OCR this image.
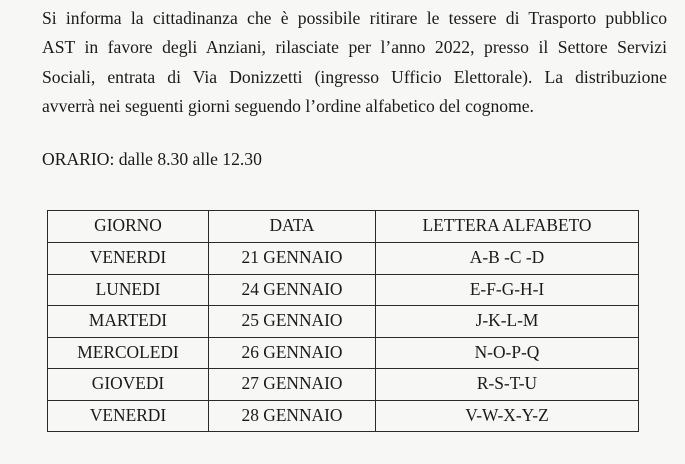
Si informa la cittadinanza che è possibile ritirare le tessere di Trasporto pubblico
AST in favore degli Anziani, rilasciate per l’anno 2022, presso il Settore Servizi
Sociali, entrata di Via Donizzetti (ingresso Ufficio Elettorale). La distribuzione
avverrà nei seguenti giorni seguendo l’ordine alfabetico del cognome.

ORARIO: dalle 8.30 alle 12.30

GIORNO	DATA	LETTERA ALFABETO
VENERDI	21 GENNAIO	A-B -C -D
LUNEDI	24 GENNAIO	E-F-G-H-I
MARTEDI	25 GENNAIO	J-K-L-M
MERCOLEDI	26 GENNAIO	N-O-P-Q
GIOVEDI	27 GENNAIO	R-S-T-U
VENERDI	28 GENNAIO	V-W-X-Y-Z
